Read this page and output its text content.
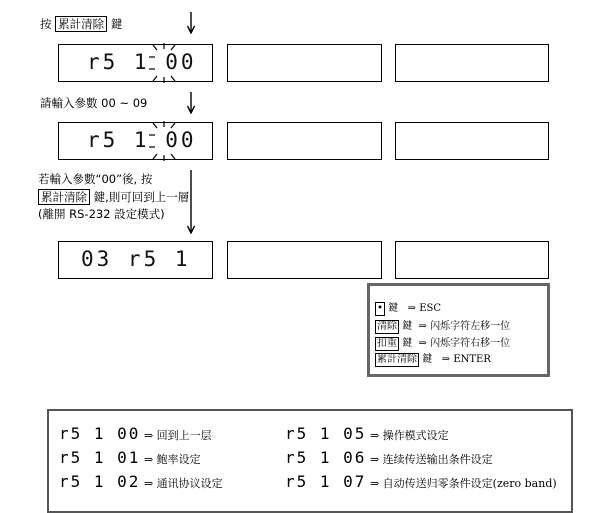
按 累計清除 鍵
r5 1 00
請輸入參數 00 ~ 09
r5 1 00
若輸入參數“00”後, 按
累計清除 鍵,則可回到上一層
(離開 RS-232 設定模式)
03 r5 1
• 鍵 ⇒ ESC
清除 鍵 ⇒ 闪烁字符左移一位
扣重 鍵 ⇒ 闪烁字符右移一位
累計清除 鍵 ⇒ ENTER
r5 1 00 ⇒ 回到上一层
r5 1 01 ⇒ 鲍率设定
r5 1 02 ⇒ 通讯协议设定
r5 1 05 ⇒ 操作模式设定
r5 1 06 ⇒ 连续传送输出条件设定
r5 1 07 ⇒ 自动传送归零条件设定(zero band)
